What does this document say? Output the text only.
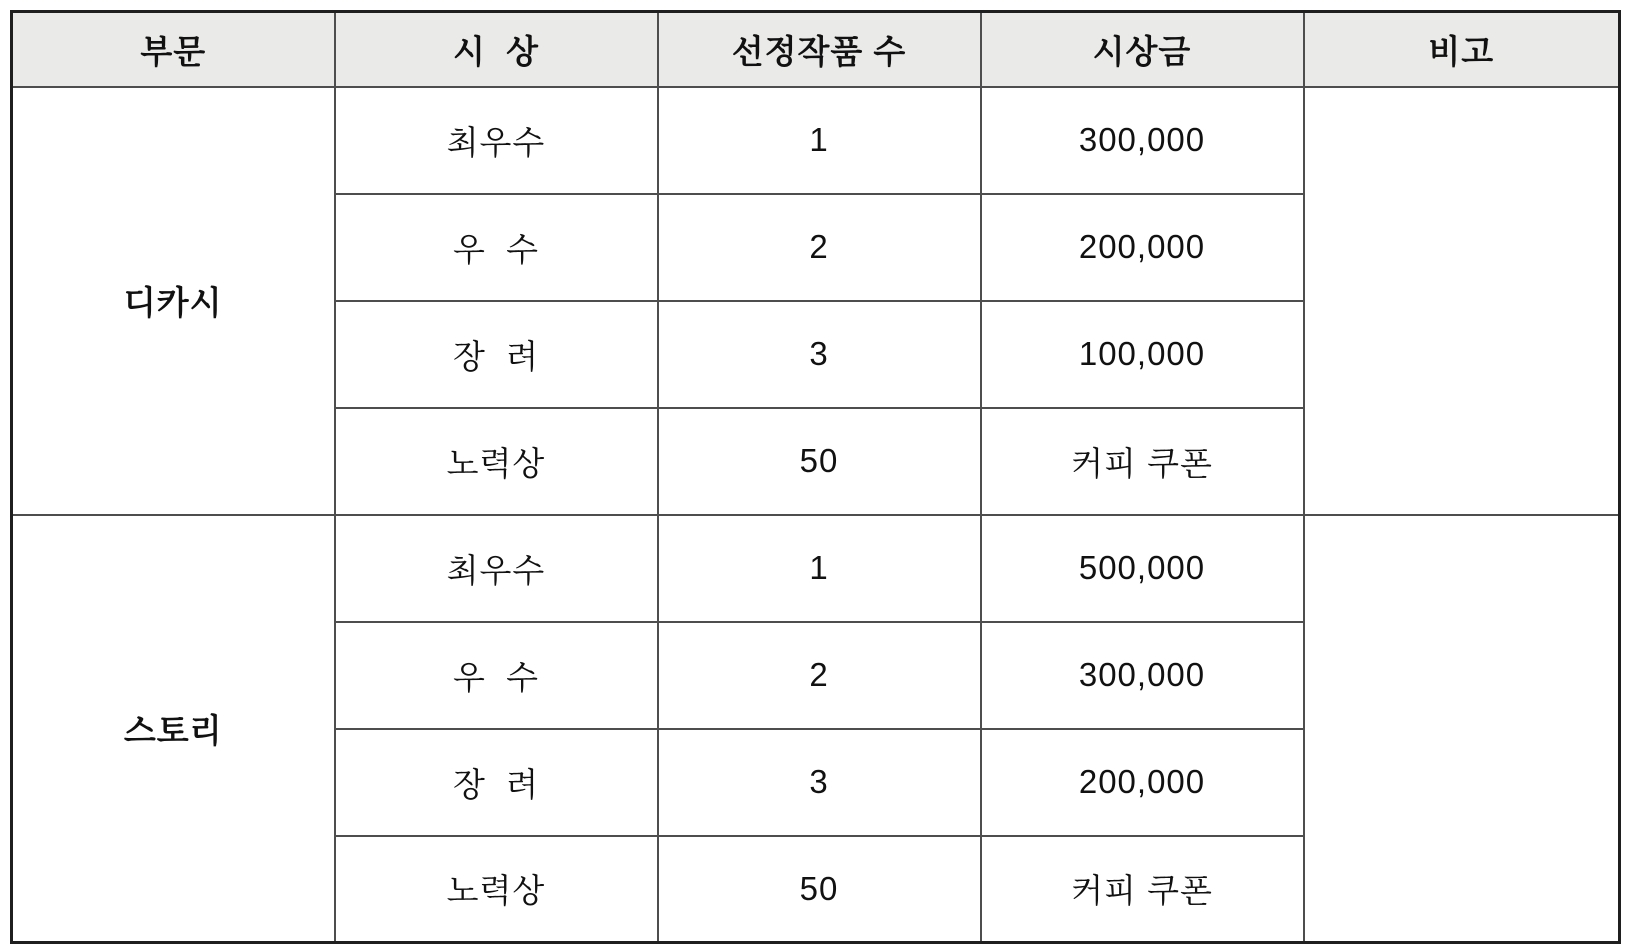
부문	시  상	선정작품 수	시상금	비고
디카시	최우수	1	300,000	
	우  수	2	200,000	
	장  려	3	100,000	
	노력상	50	커피 쿠폰	
스토리	최우수	1	500,000	
	우  수	2	300,000	
	장  려	3	200,000	
	노력상	50	커피 쿠폰	
